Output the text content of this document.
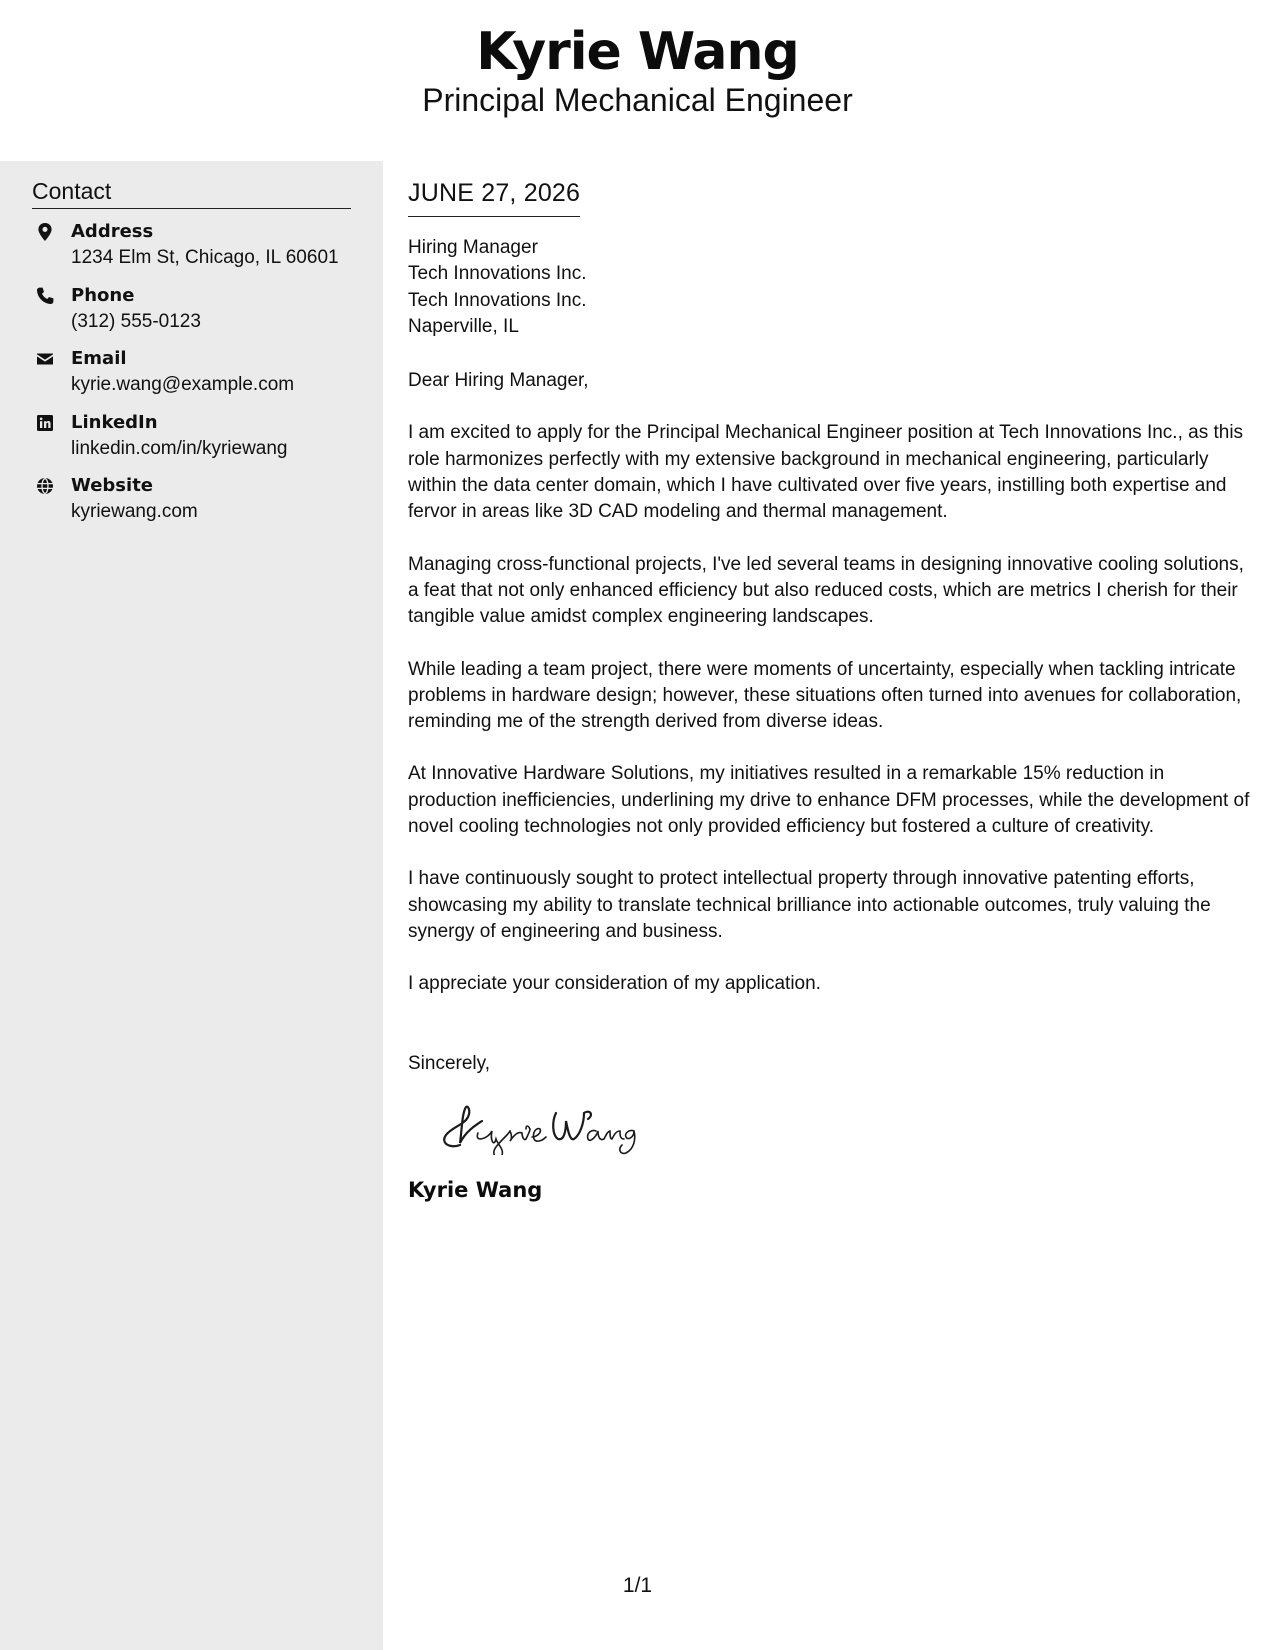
Kyrie Wang
Principal Mechanical Engineer
Contact
Address
1234 Elm St, Chicago, IL 60601
Phone
(312) 555-0123
Email
kyrie.wang@example.com
LinkedIn
linkedin.com/in/kyriewang
Website
kyriewang.com
JUNE 27, 2026
Hiring Manager
Tech Innovations Inc.
Tech Innovations Inc.
Naperville, IL
Dear Hiring Manager,
I am excited to apply for the Principal Mechanical Engineer position at Tech Innovations Inc., as this role harmonizes perfectly with my extensive background in mechanical engineering, particularly within the data center domain, which I have cultivated over five years, instilling both expertise and fervor in areas like 3D CAD modeling and thermal management.
Managing cross-functional projects, I've led several teams in designing innovative cooling solutions, a feat that not only enhanced efficiency but also reduced costs, which are metrics I cherish for their tangible value amidst complex engineering landscapes.
While leading a team project, there were moments of uncertainty, especially when tackling intricate problems in hardware design; however, these situations often turned into avenues for collaboration, reminding me of the strength derived from diverse ideas.
At Innovative Hardware Solutions, my initiatives resulted in a remarkable 15% reduction in production inefficiencies, underlining my drive to enhance DFM processes, while the development of novel cooling technologies not only provided efficiency but fostered a culture of creativity.
I have continuously sought to protect intellectual property through innovative patenting efforts, showcasing my ability to translate technical brilliance into actionable outcomes, truly valuing the synergy of engineering and business.
I appreciate your consideration of my application.
Sincerely,
Kyrie Wang
1/1
